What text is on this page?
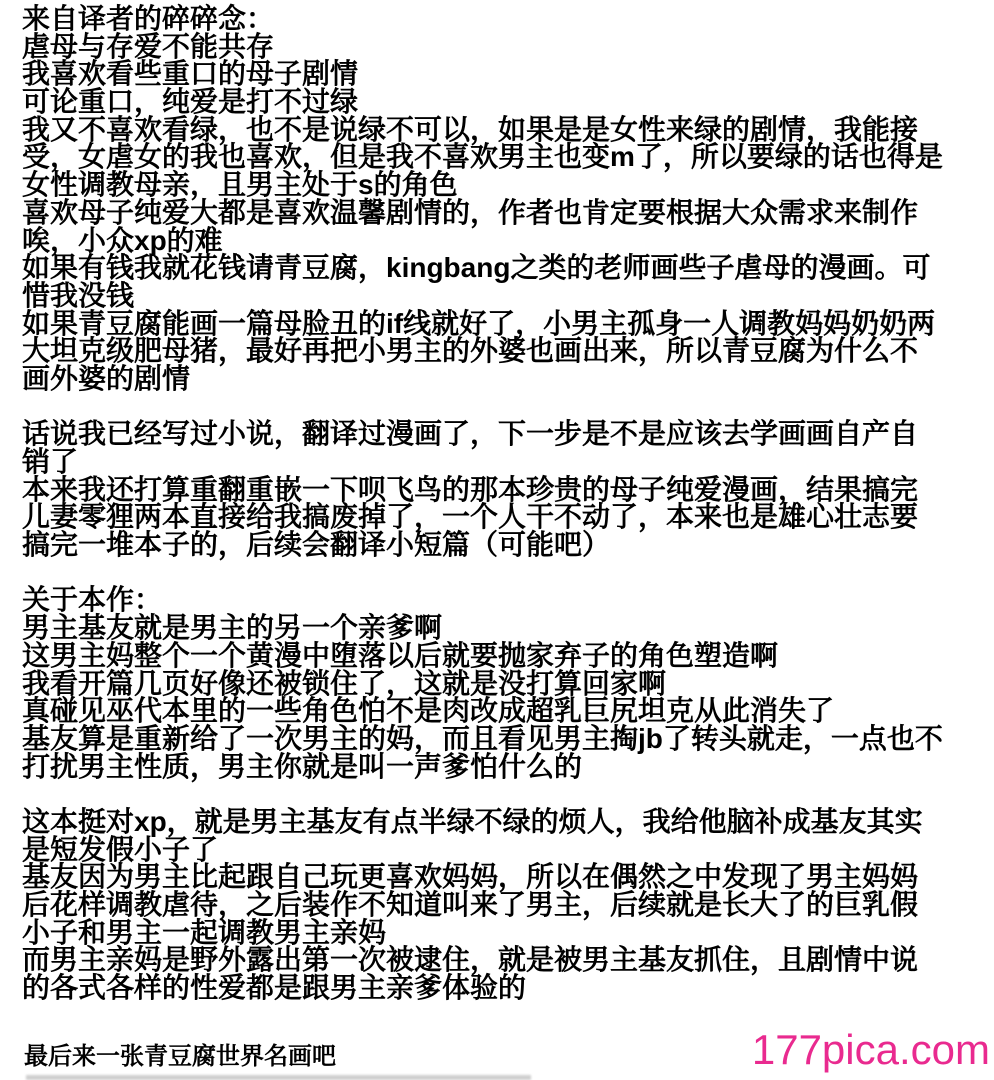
来自译者的碎碎念：
虐母与存爱不能共存
我喜欢看些重口的母子剧情
可论重口，纯爱是打不过绿
我又不喜欢看绿，也不是说绿不可以，如果是是女性来绿的剧情，我能接
受，女虐女的我也喜欢，但是我不喜欢男主也变m了，所以要绿的话也得是
女性调教母亲，且男主处于s的角色
喜欢母子纯爱大都是喜欢温馨剧情的，作者也肯定要根据大众需求来制作
唉，小众xp的难
如果有钱我就花钱请青豆腐，kingbang之类的老师画些子虐母的漫画。可
惜我没钱
如果青豆腐能画一篇母脸丑的if线就好了，小男主孤身一人调教妈妈奶奶两
大坦克级肥母猪，最好再把小男主的外婆也画出来，所以青豆腐为什么不
画外婆的剧情
话说我已经写过小说，翻译过漫画了，下一步是不是应该去学画画自产自
销了
本来我还打算重翻重嵌一下呗飞鸟的那本珍贵的母子纯爱漫画，结果搞完
儿妻零狸两本直接给我搞废掉了，一个人干不动了，本来也是雄心壮志要
搞完一堆本子的，后续会翻译小短篇（可能吧）
关于本作：
男主基友就是男主的另一个亲爹啊
这男主妈整个一个黄漫中堕落以后就要抛家弃子的角色塑造啊
我看开篇几页好像还被锁住了，这就是没打算回家啊
真碰见巫代本里的一些角色怕不是肉改成超乳巨尻坦克从此消失了
基友算是重新给了一次男主的妈，而且看见男主掏jb了转头就走，一点也不
打扰男主性质，男主你就是叫一声爹怕什么的
这本挺对xp，就是男主基友有点半绿不绿的烦人，我给他脑补成基友其实
是短发假小子了
基友因为男主比起跟自己玩更喜欢妈妈，所以在偶然之中发现了男主妈妈
后花样调教虐待，之后装作不知道叫来了男主，后续就是长大了的巨乳假
小子和男主一起调教男主亲妈
而男主亲妈是野外露出第一次被逮住，就是被男主基友抓住，且剧情中说
的各式各样的性爱都是跟男主亲爹体验的
最后来一张青豆腐世界名画吧	177pica.com
